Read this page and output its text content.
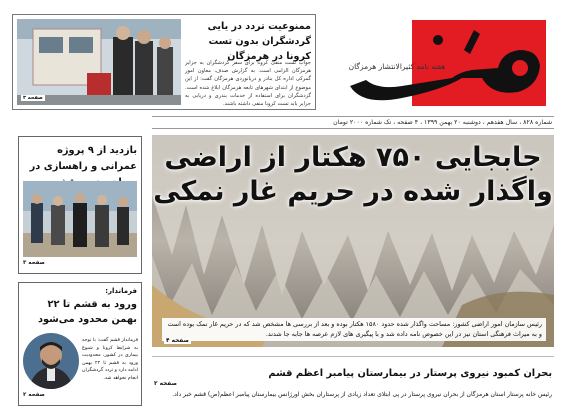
هفته نامه کثیرالانتشار هرمزگان
ممنوعیت تردد در یایی گردشگران بدون تست کرونا در هرمزگان
جواب تست منفی کرونا برای سفر گردشگران به جزایر هرمزگان الزامی است. به گزارش صدف، معاون امور گمرکی اداره کل بنادر و دریانوردی هرمزگان گفت: از این موضوع از ابتدای شهرهای تابعه هرمزگان ابلاغ شده است. گردشگران برای استفاده از خدمات بندری و دریایی به جزایر باید تست کرونا منفی داشته باشند.
صفحه ۳
شماره ۸۲۸ ، سال هفدهم ، دوشنبه ۲۰ بهمن ۱۳۹۹ ، ۴ صفحه ، تک شماره ۲۰۰۰ تومان
جابجایی ۷۵۰ هکتار از اراضی واگذار شده در حریم غار نمکی
رئیس سازمان امور اراضی کشور: مساحت واگذار شده حدود ۱۵۸۰ هکتار بوده و بعد از بررسی ها مشخص شد که در حریم غار نمک بوده است و به میراث فرهنگی استان نیز در این خصوص نامه داده شد و با پیگیری های لازم عرصه ها جابه جا شدند.
صفحه ۴
بحران کمبود نیروی پرستار در بیمارستان پیامبر اعظم قشم
رئیس خانه پرستار استان هرمزگان از بحران نیروی پرستار در پی ابتلای تعداد زیادی از پرستاران بخش اورژانس بیمارستان پیامبر اعظم(ص) قشم خبر داد.
صفحه ۲
بازدید از ۹ پروژه عمرانی و راهسازی در
صفحه ۳
فرماندار:
ورود به قشم تا ۲۲ بهمن محدود می‌شود
فرماندار قشم گفت: با توجه به شرایط کرونا و شیوع بیماری در کشور، محدودیت ورود به قشم تا ۲۲ بهمن ادامه دارد و تردد گردشگران انجام نخواهد شد.
صفحه ۲
